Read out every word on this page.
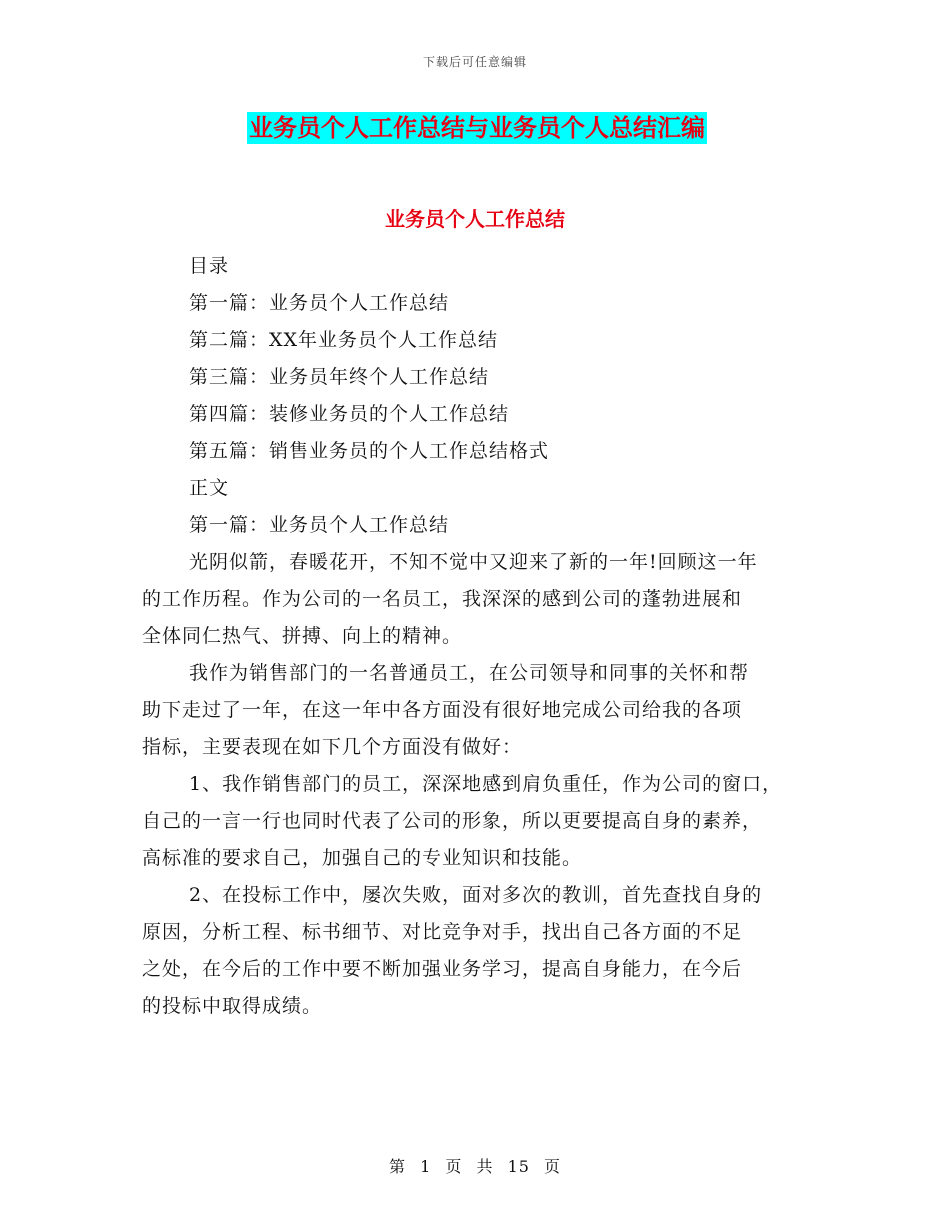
下载后可任意编辑
业务员个人工作总结与业务员个人总结汇编
业务员个人工作总结
目录
第一篇：业务员个人工作总结
第二篇：XX年业务员个人工作总结
第三篇：业务员年终个人工作总结
第四篇：装修业务员的个人工作总结
第五篇：销售业务员的个人工作总结格式
正文
第一篇：业务员个人工作总结
光阴似箭，春暖花开，不知不觉中又迎来了新的一年!回顾这一年
的工作历程。作为公司的一名员工，我深深的感到公司的蓬勃进展和
全体同仁热气、拼搏、向上的精神。
我作为销售部门的一名普通员工，在公司领导和同事的关怀和帮
助下走过了一年，在这一年中各方面没有很好地完成公司给我的各项
指标，主要表现在如下几个方面没有做好：
1、我作销售部门的员工，深深地感到肩负重任，作为公司的窗口，
自己的一言一行也同时代表了公司的形象，所以更要提高自身的素养，
高标准的要求自己，加强自己的专业知识和技能。
2、在投标工作中，屡次失败，面对多次的教训，首先查找自身的
原因，分析工程、标书细节、对比竞争对手，找出自己各方面的不足
之处，在今后的工作中要不断加强业务学习，提高自身能力，在今后
的投标中取得成绩。
第 1 页 共 15 页
